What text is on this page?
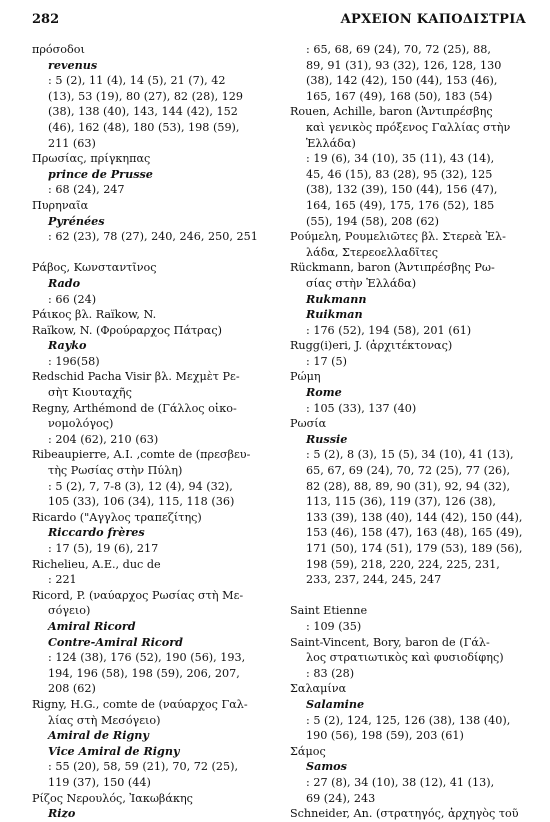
282	ΑΡΧΕΙΟΝ ΚΑΠΟΔΙΣΤΡΙΑ
πρόσοδοι
revenus
: 5 (2), 11 (4), 14 (5), 21 (7), 42
(13), 53 (19), 80 (27), 82 (28), 129
(38), 138 (40), 143, 144 (42), 152
(46), 162 (48), 180 (53), 198 (59),
211 (63)
Πρωσίας, πρίγκηπας
prince de Prusse
: 68 (24), 247
Πυρηναῖα
Pyrénées
: 62 (23), 78 (27), 240, 246, 250, 251
Ράβος, Κωνσταντῖνος
Rado
: 66 (24)
Ράικος βλ. Raïkow, N.
Raïkow, N. (Φρούραρχος Πάτρας)
Rayko
: 196(58)
Redschid Pacha Visir βλ. Μεχμὲτ Ρε-
σὴτ Κιουταχῆς
Regny, Arthémond de (Γάλλος οἰκο-
νομολόγος)
: 204 (62), 210 (63)
Ribeaupierre, A.I. ,comte de (πρεσβευ-
τὴς Ρωσίας στὴν Πύλη)
: 5 (2), 7, 7-8 (3), 12 (4), 94 (32),
105 (33), 106 (34), 115, 118 (36)
Ricardo ("Αγγλος τραπεζίτης)
Riccardo frères
: 17 (5), 19 (6), 217
Richelieu, A.E., duc de
: 221
Ricord, P. (ναύαρχος Ρωσίας στὴ Με-
σόγειο)
Amiral Ricord
Contre-Amiral Ricord
: 124 (38), 176 (52), 190 (56), 193,
194, 196 (58), 198 (59), 206, 207,
208 (62)
Rigny, H.G., comte de (ναύαρχος Γαλ-
λίας στὴ Μεσόγειο)
Amiral de Rigny
Vice Amiral de Rigny
: 55 (20), 58, 59 (21), 70, 72 (25),
119 (37), 150 (44)
Ρίζος Νερουλός, Ἰακωβάκης
Rizo
: 65, 68, 69 (24), 70, 72 (25), 88,
89, 91 (31), 93 (32), 126, 128, 130
(38), 142 (42), 150 (44), 153 (46),
165, 167 (49), 168 (50), 183 (54)
Rouen, Achille, baron (Ἀντιπρέσβης
καὶ γενικὸς πρόξενος Γαλλίας στὴν
Ἑλλάδα)
: 19 (6), 34 (10), 35 (11), 43 (14),
45, 46 (15), 83 (28), 95 (32), 125
(38), 132 (39), 150 (44), 156 (47),
164, 165 (49), 175, 176 (52), 185
(55), 194 (58), 208 (62)
Ρούμελη, Ρουμελιῶτες βλ. Στερεὰ Ἑλ-
λάδα, Στερεοελλαδῖτες
Rückmann, baron (Ἀντιπρέσβης Ρω-
σίας στὴν Ἑλλάδα)
Rukmann
Ruikman
: 176 (52), 194 (58), 201 (61)
Rugg(i)eri, J. (ἀρχιτέκτονας)
: 17 (5)
Ρώμη
Rome
: 105 (33), 137 (40)
Ρωσία
Russie
: 5 (2), 8 (3), 15 (5), 34 (10), 41 (13),
65, 67, 69 (24), 70, 72 (25), 77 (26),
82 (28), 88, 89, 90 (31), 92, 94 (32),
113, 115 (36), 119 (37), 126 (38),
133 (39), 138 (40), 144 (42), 150 (44),
153 (46), 158 (47), 163 (48), 165 (49),
171 (50), 174 (51), 179 (53), 189 (56),
198 (59), 218, 220, 224, 225, 231,
233, 237, 244, 245, 247
Saint Etienne
: 109 (35)
Saint-Vincent, Bory, baron de (Γάλ-
λος στρατιωτικὸς καὶ φυσιοδίφης)
: 83 (28)
Σαλαμίνα
Salamine
: 5 (2), 124, 125, 126 (38), 138 (40),
190 (56), 198 (59), 203 (61)
Σάμος
Samos
: 27 (8), 34 (10), 38 (12), 41 (13),
69 (24), 243
Schneider, An. (στρατηγός, ἀρχηγὸς τοῦ
